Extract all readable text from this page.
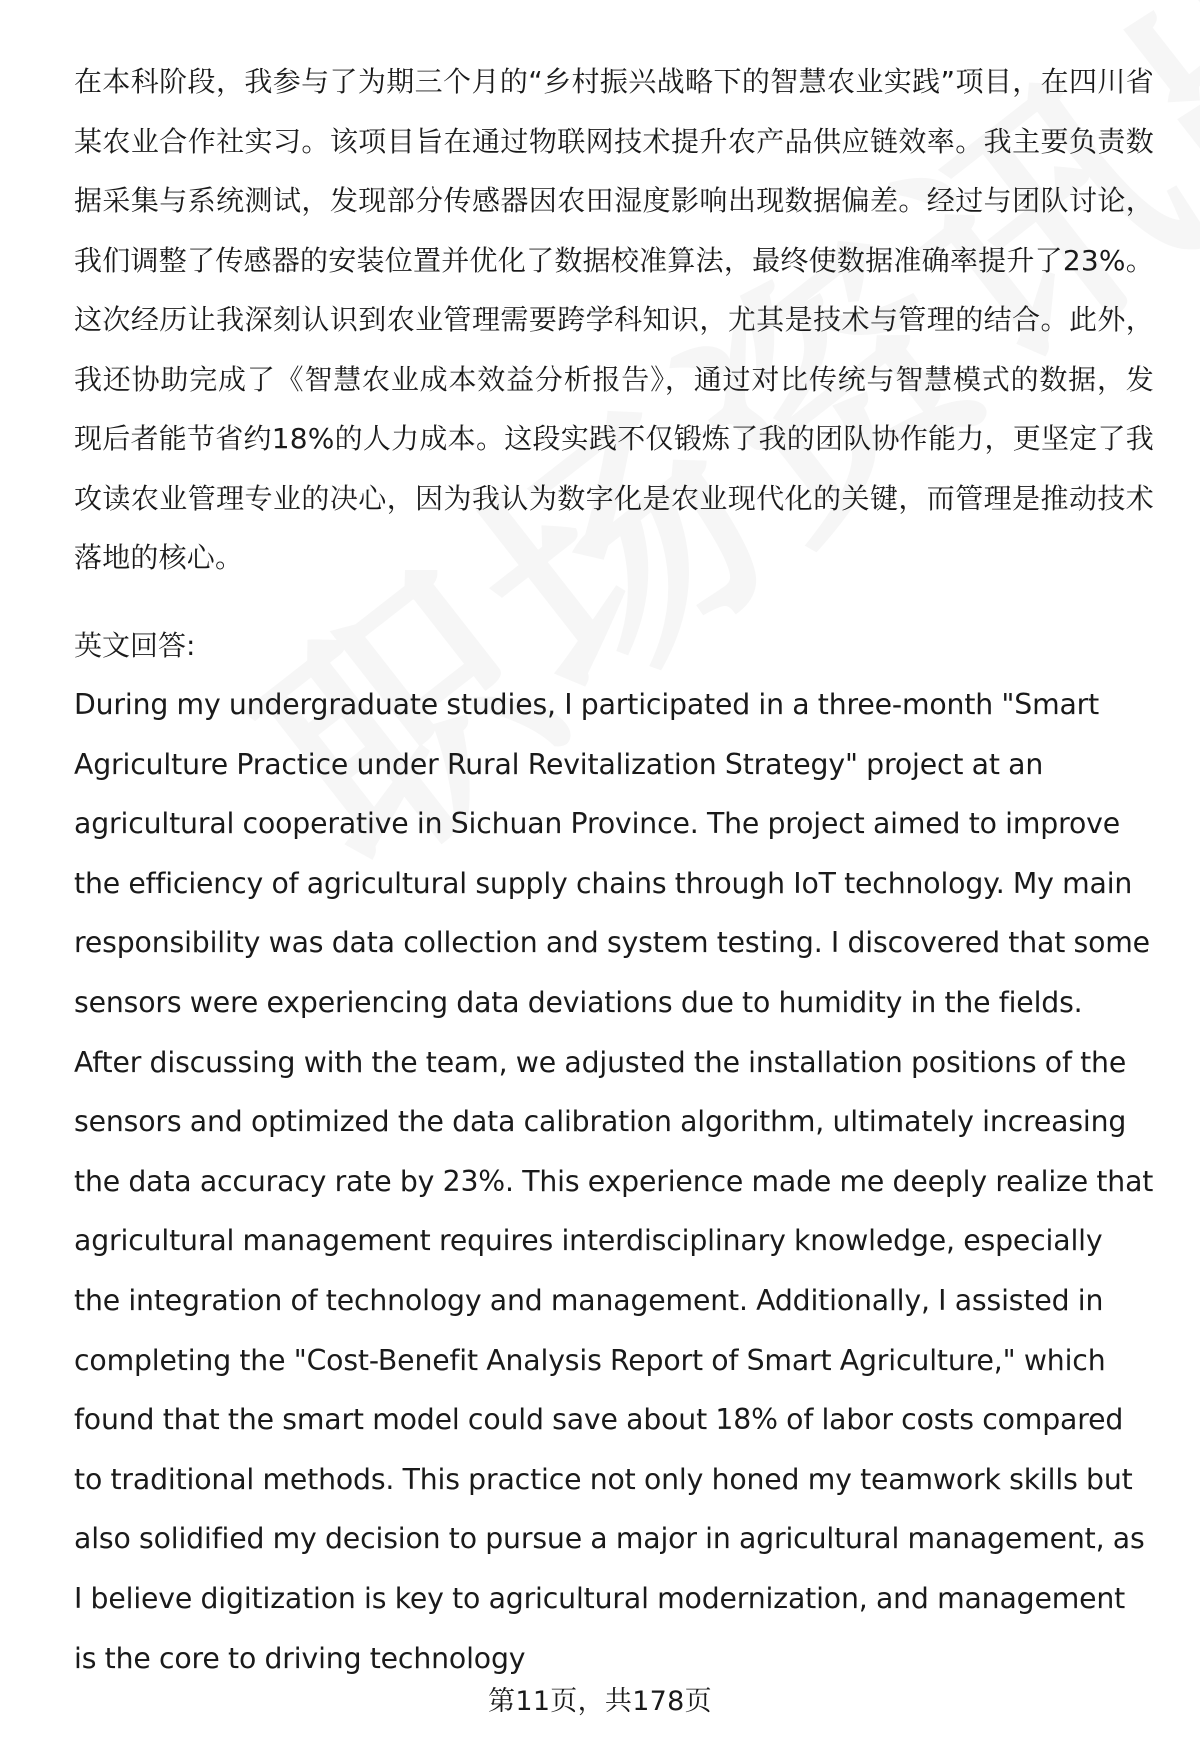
在本科阶段，我参与了为期三个月的“乡村振兴战略下的智慧农业实践”项目，在四川省某农业合作社实习。该项目旨在通过物联网技术提升农产品供应链效率。我主要负责数据采集与系统测试，发现部分传感器因农田湿度影响出现数据偏差。经过与团队讨论，我们调整了传感器的安装位置并优化了数据校准算法，最终使数据准确率提升了23%。这次经历让我深刻认识到农业管理需要跨学科知识，尤其是技术与管理的结合。此外，我还协助完成了《智慧农业成本效益分析报告》，通过对比传统与智慧模式的数据，发现后者能节省约18%的人力成本。这段实践不仅锻炼了我的团队协作能力，更坚定了我攻读农业管理专业的决心，因为我认为数字化是农业现代化的关键，而管理是推动技术落地的核心。

英文回答:

During my undergraduate studies, I participated in a three-month "Smart Agriculture Practice under Rural Revitalization Strategy" project at an agricultural cooperative in Sichuan Province. The project aimed to improve the efficiency of agricultural supply chains through IoT technology. My main responsibility was data collection and system testing. I discovered that some sensors were experiencing data deviations due to humidity in the fields. After discussing with the team, we adjusted the installation positions of the sensors and optimized the data calibration algorithm, ultimately increasing the data accuracy rate by 23%. This experience made me deeply realize that agricultural management requires interdisciplinary knowledge, especially the integration of technology and management. Additionally, I assisted in completing the "Cost-Benefit Analysis Report of Smart Agriculture," which found that the smart model could save about 18% of labor costs compared to traditional methods. This practice not only honed my teamwork skills but also solidified my decision to pursue a major in agricultural management, as I believe digitization is key to agricultural modernization, and management is the core to driving technology

第11页，共178页
